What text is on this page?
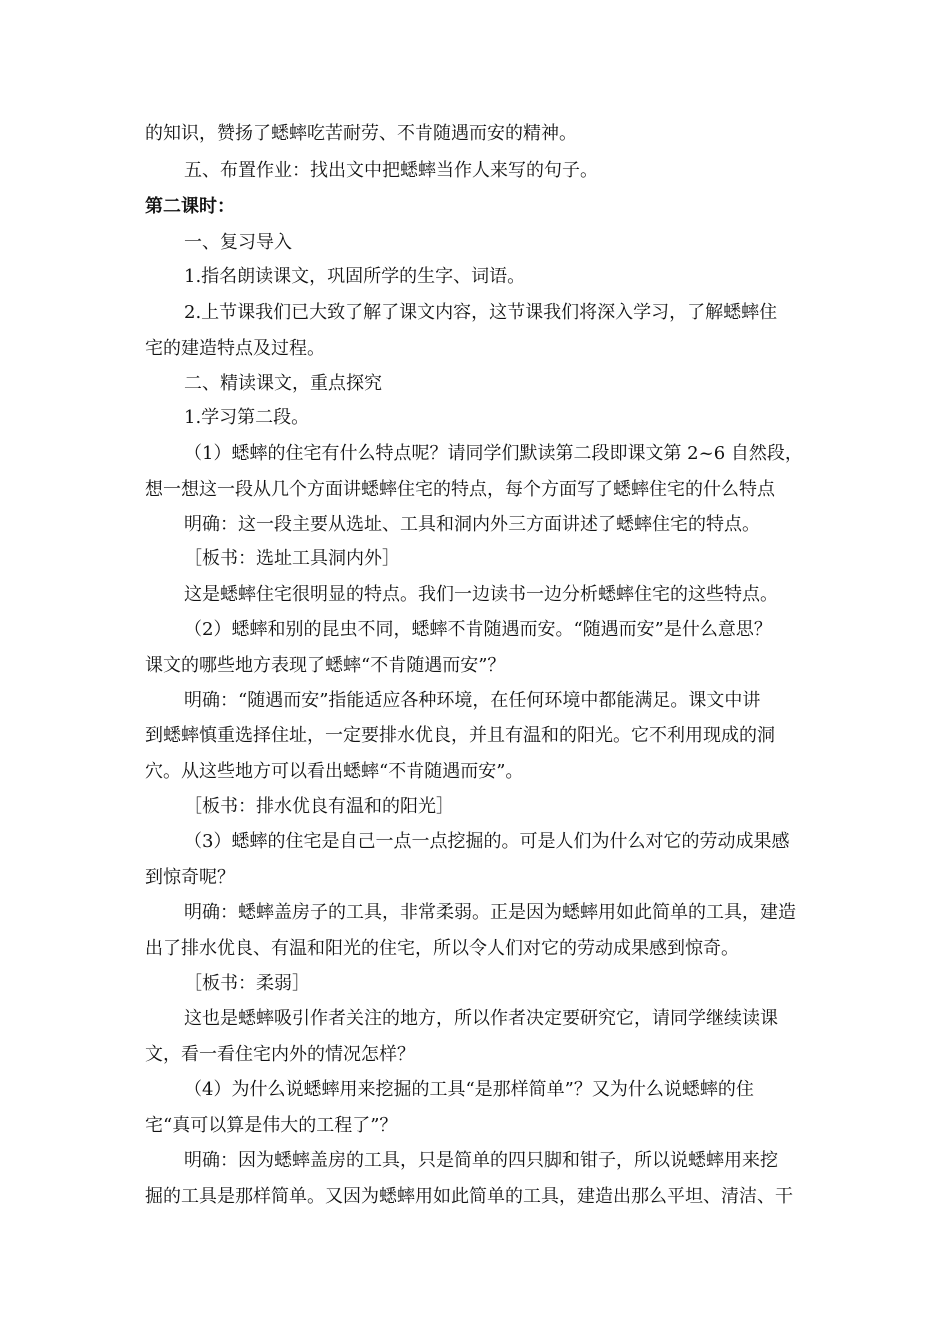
的知识，赞扬了蟋蟀吃苦耐劳、不肯随遇而安的精神。
五、布置作业：找出文中把蟋蟀当作人来写的句子。
第二课时：
一、复习导入
1.指名朗读课文，巩固所学的生字、词语。
2.上节课我们已大致了解了课文内容，这节课我们将深入学习，了解蟋蟀住
宅的建造特点及过程。
二、精读课文，重点探究
1.学习第二段。
（1）蟋蟀的住宅有什么特点呢？请同学们默读第二段即课文第 2~6 自然段，
想一想这一段从几个方面讲蟋蟀住宅的特点，每个方面写了蟋蟀住宅的什么特点
明确：这一段主要从选址、工具和洞内外三方面讲述了蟋蟀住宅的特点。
［板书：选址工具洞内外］
这是蟋蟀住宅很明显的特点。我们一边读书一边分析蟋蟀住宅的这些特点。
（2）蟋蟀和别的昆虫不同，蟋蟀不肯随遇而安。“随遇而安”是什么意思？
课文的哪些地方表现了蟋蟀“不肯随遇而安”？
明确：“随遇而安”指能适应各种环境，在任何环境中都能满足。课文中讲
到蟋蟀慎重选择住址，一定要排水优良，并且有温和的阳光。它不利用现成的洞
穴。从这些地方可以看出蟋蟀“不肯随遇而安”。
［板书：排水优良有温和的阳光］
（3）蟋蟀的住宅是自己一点一点挖掘的。可是人们为什么对它的劳动成果感
到惊奇呢？
明确：蟋蟀盖房子的工具，非常柔弱。正是因为蟋蟀用如此简单的工具，建造
出了排水优良、有温和阳光的住宅，所以令人们对它的劳动成果感到惊奇。
［板书：柔弱］
这也是蟋蟀吸引作者关注的地方，所以作者决定要研究它，请同学继续读课
文，看一看住宅内外的情况怎样？
（4）为什么说蟋蟀用来挖掘的工具“是那样简单”？又为什么说蟋蟀的住
宅“真可以算是伟大的工程了”？
明确：因为蟋蟀盖房的工具，只是简单的四只脚和钳子，所以说蟋蟀用来挖
掘的工具是那样简单。又因为蟋蟀用如此简单的工具，建造出那么平坦、清洁、干
